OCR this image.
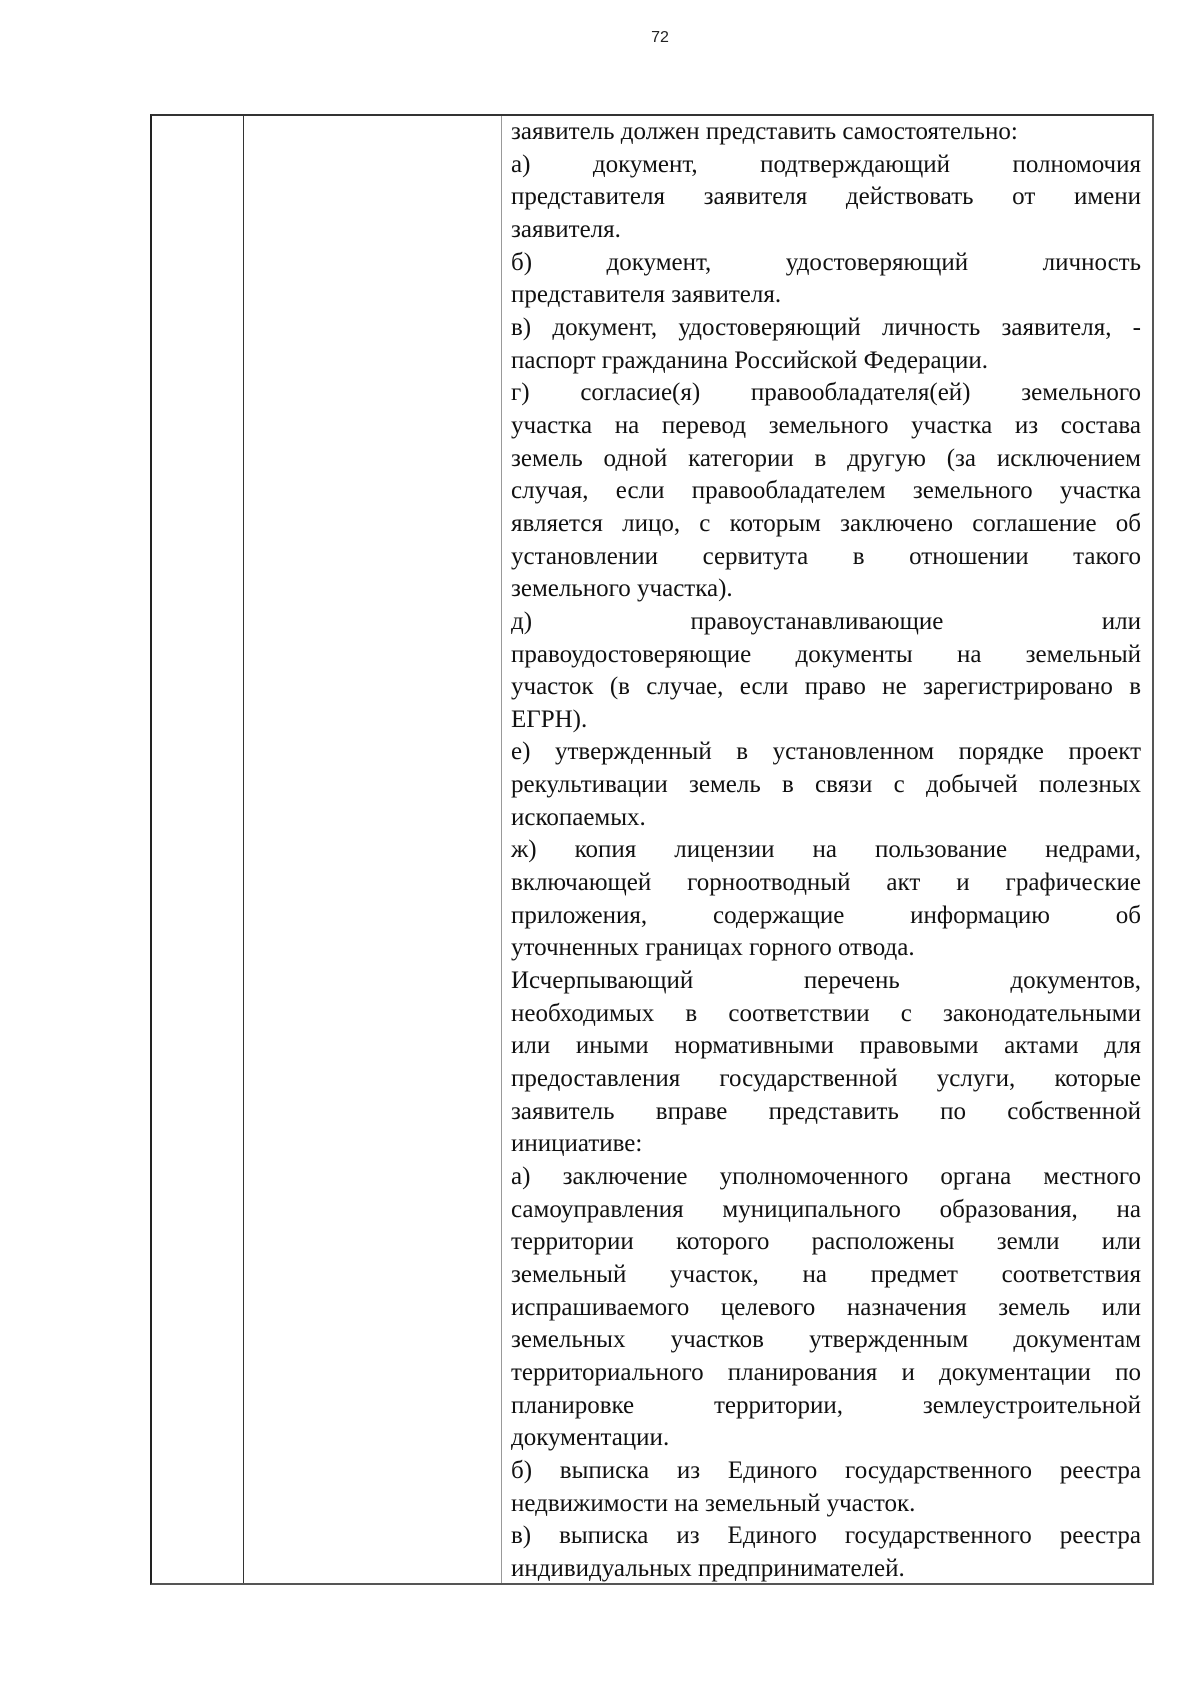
72
заявитель должен представить самостоятельно:
а) документ, подтверждающий полномочия
представителя заявителя действовать от имени
заявителя.
б) документ, удостоверяющий личность
представителя заявителя.
в) документ, удостоверяющий личность заявителя, -
паспорт гражданина Российской Федерации.
г) согласие(я) правообладателя(ей) земельного
участка на перевод земельного участка из состава
земель одной категории в другую (за исключением
случая, если правообладателем земельного участка
является лицо, с которым заключено соглашение об
установлении сервитута в отношении такого
земельного участка).
д) правоустанавливающие или
правоудостоверяющие документы на земельный
участок (в случае, если право не зарегистрировано в
ЕГРН).
е) утвержденный в установленном порядке проект
рекультивации земель в связи с добычей полезных
ископаемых.
ж) копия лицензии на пользование недрами,
включающей горноотводный акт и графические
приложения, содержащие информацию об
уточненных границах горного отвода.
Исчерпывающий перечень документов,
необходимых в соответствии с законодательными
или иными нормативными правовыми актами для
предоставления государственной услуги, которые
заявитель вправе представить по собственной
инициативе:
а) заключение уполномоченного органа местного
самоуправления муниципального образования, на
территории которого расположены земли или
земельный участок, на предмет соответствия
испрашиваемого целевого назначения земель или
земельных участков утвержденным документам
территориального планирования и документации по
планировке территории, землеустроительной
документации.
б) выписка из Единого государственного реестра
недвижимости на земельный участок.
в) выписка из Единого государственного реестра
индивидуальных предпринимателей.
